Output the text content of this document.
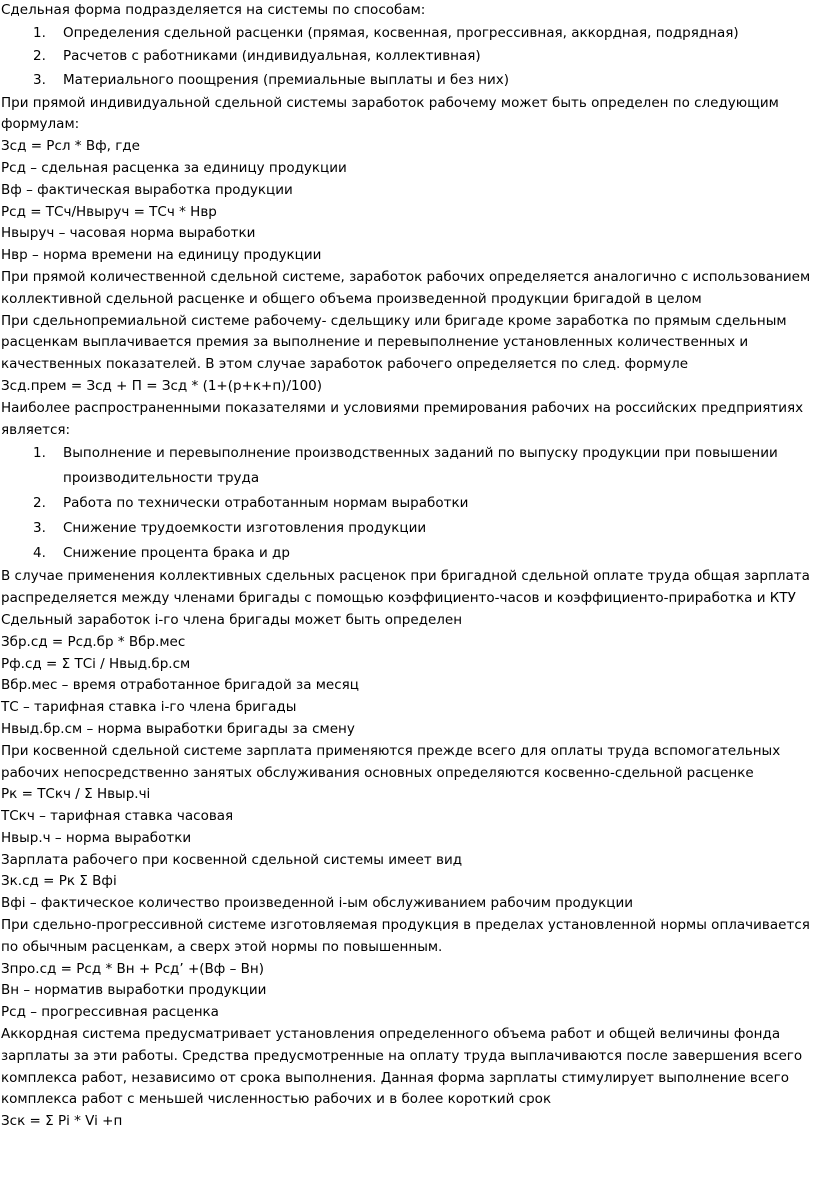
Сдельная форма подразделяется на системы по способам:

1. Определения сдельной расценки (прямая, косвенная, прогрессивная, аккордная, подрядная)
2. Расчетов с работниками (индивидуальная, коллективная)
3. Материального поощрения (премиальные выплаты и без них)

При прямой индивидуальной сдельной системы заработок рабочему может быть определен по следующим формулам:

Зсд = Рсл * Вф, где

Рсд – сдельная расценка за единицу продукции

Вф – фактическая выработка продукции

Рсд = ТСч/Нвыруч = ТСч * Нвр

Нвыруч – часовая норма выработки

Нвр – норма времени на единицу продукции

При прямой количественной сдельной системе, заработок рабочих определяется аналогично с использованием коллективной сдельной расценке и общего объема произведенной продукции бригадой в целом

При сдельнопремиальной системе рабочему- сдельщику или бригаде кроме заработка по прямым сдельным расценкам выплачивается премия за выполнение и перевыполнение установленных количественных и качественных показателей. В этом случае заработок рабочего определяется по след. формуле

Зсд.прем = Зсд + П = Зсд * (1+(р+к+п)/100)

Наиболее распространенными показателями и условиями премирования рабочих на российских предприятиях является:

1. Выполнение и перевыполнение производственных заданий по выпуску продукции при повышении производительности труда
2. Работа по технически отработанным нормам выработки
3. Снижение трудоемкости изготовления продукции
4. Снижение процента брака и др

В случае применения коллективных сдельных расценок при бригадной сдельной оплате труда общая зарплата распределяется между членами бригады с помощью коэффициенто-часов и коэффициенто-приработка и КТУ

Сдельный заработок i-го члена бригады может быть определен

Збр.сд = Рсд.бр * Вбр.мес

Рф.сд = Σ ТСi / Нвыд.бр.см

Вбр.мес – время отработанное бригадой за месяц

ТС – тарифная ставка i-го члена бригады

Нвыд.бр.см – норма выработки бригады за смену

При косвенной сдельной системе зарплата применяются прежде всего для оплаты труда вспомогательных рабочих непосредственно занятых обслуживания основных определяются косвенно-сдельной расценке

Рк = ТСкч / Σ Нвыр.чi

ТСкч – тарифная ставка часовая

Нвыр.ч – норма выработки

Зарплата рабочего при косвенной сдельной системы имеет вид

Зк.сд = Рк Σ Вфi

Вфi – фактическое количество произведенной i-ым обслуживанием рабочим продукции

При сдельно-прогрессивной системе изготовляемая продукция в пределах установленной нормы оплачивается по обычным расценкам, а сверх этой нормы по повышенным.

Зпро.сд = Рсд * Вн + Рсд’ +(Вф – Вн)

Вн – норматив выработки продукции

Рсд – прогрессивная расценка

Аккордная система предусматривает установления определенного объема работ и общей величины фонда зарплаты за эти работы. Средства предусмотренные на оплату труда выплачиваются после завершения всего комплекса работ, независимо от срока выполнения. Данная форма зарплаты стимулирует выполнение всего комплекса работ с меньшей численностью рабочих и в более короткий срок

Зск = Σ Рi * Vi +п
